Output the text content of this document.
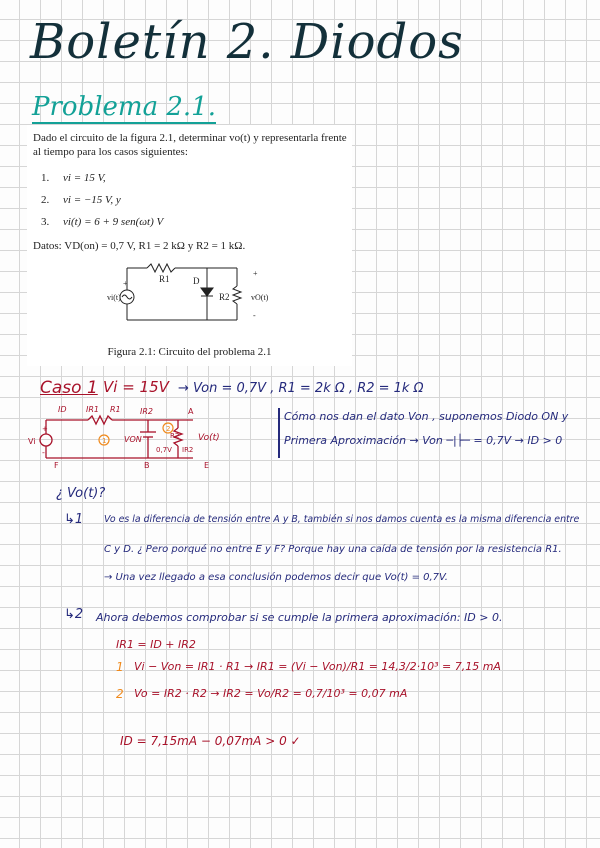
Boletín 2. Diodos
Problema 2.1.

Dado el circuito de la figura 2.1, determinar vo(t) y representarla frente al tiempo para los casos siguientes:

1. vi = 15 V,
2. vi = −15 V, y
3. vi(t) = 6 + 9 sen(ωt) V

Datos: VD(on) = 0,7 V, R1 = 2 kΩ y R2 = 1 kΩ.

R1	D
R2
vi(t)
+
vO(t)
+
-

Figura 2.1: Circuito del problema 2.1

Caso 1 Vi = 15V → Von = 0,7V , R1 = 2k Ω , R2 = 1k Ω
ID IR1 R1 IR2	A
Vi
+
-
1
2
VON
0,7V
R2
IR2
Vo(t)
F	B	E
Cómo nos dan el dato Von , suponemos Diodo ON y
Primera Aproximación → Von ─|├─ = 0,7V → ID > 0
¿ Vo(t)?
↳1 Vo es la diferencia de tensión entre A y B, también si nos damos cuenta es la misma diferencia entre
C y D. ¿ Pero porqué no entre E y F? Porque hay una caída de tensión por la resistencia R1.
→ Una vez llegado a esa conclusión podemos decir que Vo(t) = 0,7V.
↳2 Ahora debemos comprobar si se cumple la primera aproximación: ID > 0.
IR1 = ID + IR2
1 Vi − Von = IR1 · R1 → IR1 = (Vi − Von)/R1 = 14,3/2·10³ = 7,15 mA
2 Vo = IR2 · R2 → IR2 = Vo/R2 = 0,7/10³ = 0,07 mA
ID = 7,15mA − 0,07mA > 0 ✓
